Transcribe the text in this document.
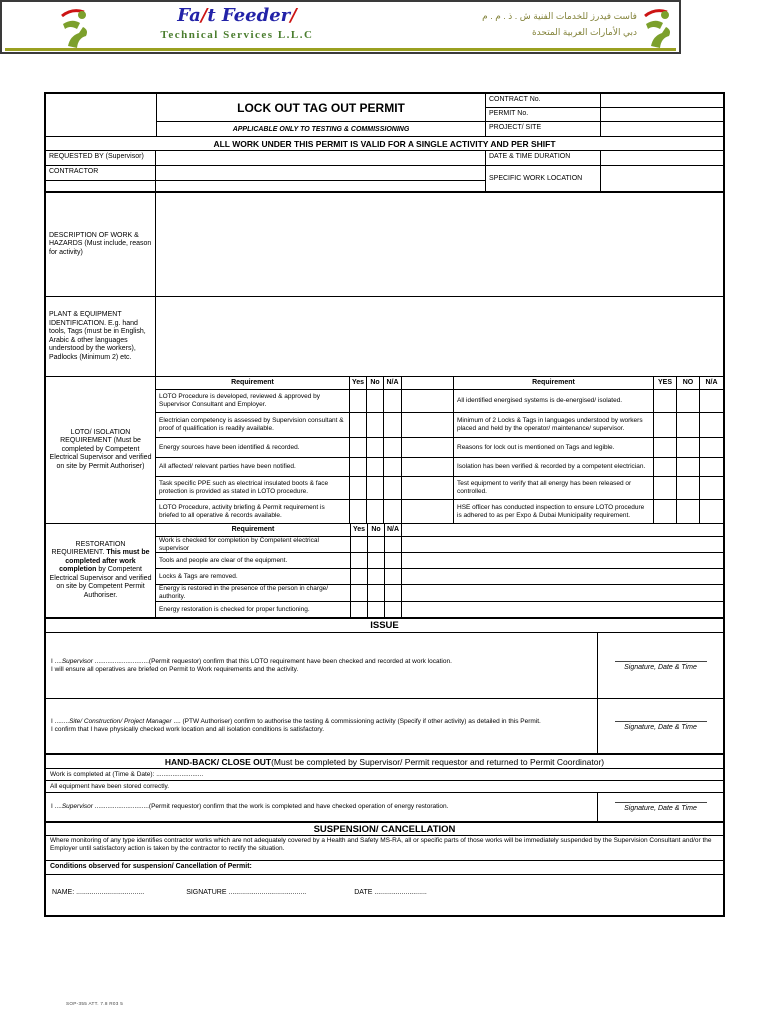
Fa/t Feeder/
Technical Services L.L.C
فاست فيدرز للخدمات الفنية ش . ذ . م . م
دبي الأمارات العربية المتحدة
LOCK OUT TAG OUT PERMIT
APPLICABLE ONLY TO TESTING & COMMISSIONING
CONTRACT No.
PERMIT No.
PROJECT/ SITE
ALL WORK UNDER THIS PERMIT IS VALID FOR A SINGLE ACTIVITY AND PER SHIFT
REQUESTED BY (Supervisor)
CONTRACTOR
DATE & TIME DURATION
SPECIFIC WORK LOCATION
DESCRIPTION OF WORK & HAZARDS (Must include, reason for activity)
PLANT & EQUIPMENT IDENTIFICATION. E.g. hand tools, Tags (must be in English, Arabic & other languages understood by the workers), Padlocks (Minimum 2) etc.
LOTO/ ISOLATION REQUIREMENT (Must be completed by Competent Electrical Supervisor and verified on site by Permit Authoriser)
Requirement	Yes No N/A
LOTO Procedure is developed, reviewed & approved by Supervisor Consultant and Employer.
Electrician competency is assessed by Supervision consultant & proof of qualification is readily available.
Energy sources have been identified & recorded.
All affected/ relevant parties have been notified.
Task specific PPE such as electrical insulated boots & face protection is provided as stated in LOTO procedure.
LOTO Procedure, activity briefing & Permit requirement is briefed to all operative & records available.
Requirement	YES	NO	N/A
All identified energised systems is de-energised/ isolated.
Minimum of 2 Locks & Tags in languages understood by workers placed and held by the operator/ maintenance/ supervisor.
Reasons for lock out is mentioned on Tags and legible.
Isolation has been verified & recorded by a competent electrician.
Test equipment to verify that all energy has been released or controlled.
HSE officer has conducted inspection to ensure LOTO procedure is adhered to as per Expo & Dubai Municipality requirement.
RESTORATION REQUIREMENT. This must be completed after work completion by Competent Electrical Supervisor and verified on site by Competent Permit Authoriser.
Requirement	Yes No N/A
Work is checked for completion by Competent electrical supervisor
Tools and people are clear of the equipment.
Locks & Tags are removed.
Energy is restored in the presence of the person in charge/ authority.
Energy restoration is checked for proper functioning.
ISSUE
I ....Supervisor ..............................(Permit requestor) confirm that this LOTO requirement have been checked and recorded at work location.
I will ensure all operatives are briefed on Permit to Work requirements and the activity.	Signature, Date & Time
I ........Site/ Construction/ Project Manager .... (PTW Authoriser) confirm to authorise the testing & commissioning activity (Specify if other activity) as detailed in this Permit.
I confirm that I have physically checked work location and all isolation conditions is satisfactory.	Signature, Date & Time
HAND-BACK/ CLOSE OUT (Must be completed by Supervisor/ Permit requestor and returned to Permit Coordinator)
Work is completed at (Time & Date): ..........................
All equipment have been stored correctly.
I ....Supervisor ..............................(Permit requestor) confirm that the work is completed and have checked operation of energy restoration.	Signature, Date & Time
SUSPENSION/ CANCELLATION
Where monitoring of any type identifies contractor works which are not adequately covered by a Health and Safety MS-RA, all or specific parts of those works will be immediately suspended by the Supervision Consultant and/or the Employer until satisfactory action is taken by the contractor to rectify the situation.
Conditions observed for suspension/ Cancellation of Permit:
NAME: ...................................	SIGNATURE ........................................	DATE ...........................
SOP-355 ATT. 7.8 R03 5
